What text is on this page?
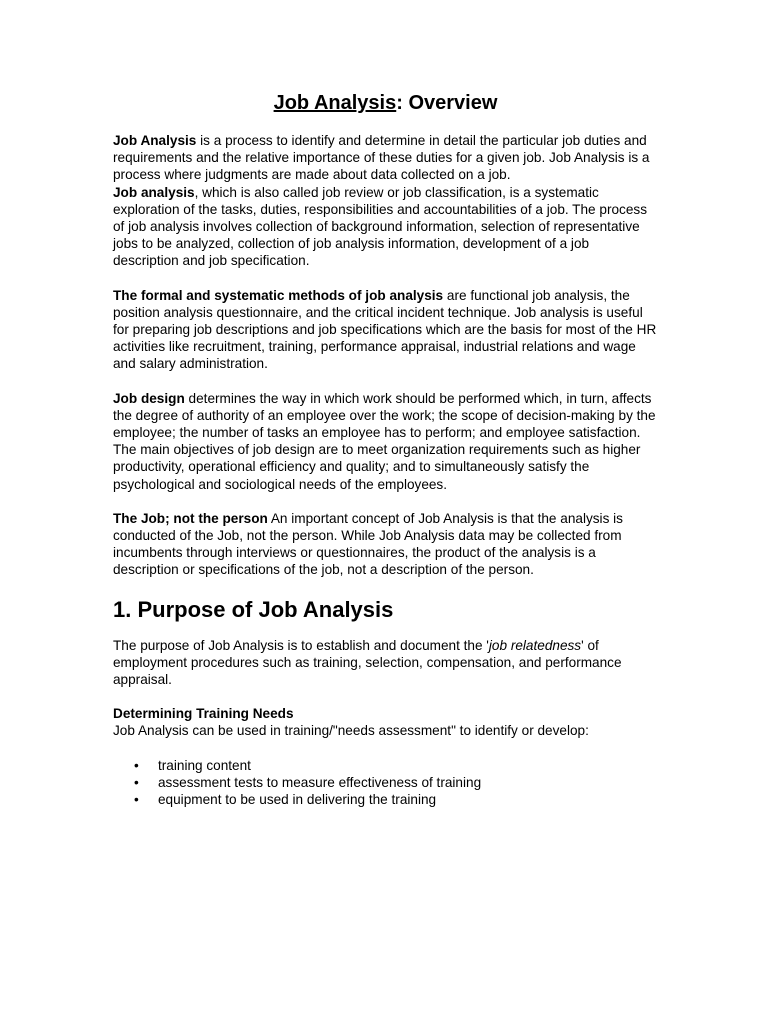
Job Analysis: Overview

Job Analysis is a process to identify and determine in detail the particular job duties and requirements and the relative importance of these duties for a given job. Job Analysis is a process where judgments are made about data collected on a job.

Job analysis, which is also called job review or job classification, is a systematic exploration of the tasks, duties, responsibilities and accountabilities of a job. The process of job analysis involves collection of background information, selection of representative jobs to be analyzed, collection of job analysis information, development of a job description and job specification.

The formal and systematic methods of job analysis are functional job analysis, the position analysis questionnaire, and the critical incident technique. Job analysis is useful for preparing job descriptions and job specifications which are the basis for most of the HR activities like recruitment, training, performance appraisal, industrial relations and wage and salary administration.

Job design determines the way in which work should be performed which, in turn, affects the degree of authority of an employee over the work; the scope of decision-making by the employee; the number of tasks an employee has to perform; and employee satisfaction. The main objectives of job design are to meet organization requirements such as higher productivity, operational efficiency and quality; and to simultaneously satisfy the psychological and sociological needs of the employees.

The Job; not the person An important concept of Job Analysis is that the analysis is conducted of the Job, not the person. While Job Analysis data may be collected from incumbents through interviews or questionnaires, the product of the analysis is a description or specifications of the job, not a description of the person.

1. Purpose of Job Analysis

The purpose of Job Analysis is to establish and document the 'job relatedness' of employment procedures such as training, selection, compensation, and performance appraisal.

Determining Training Needs

Job Analysis can be used in training/"needs assessment" to identify or develop:

• training content
• assessment tests to measure effectiveness of training
• equipment to be used in delivering the training
